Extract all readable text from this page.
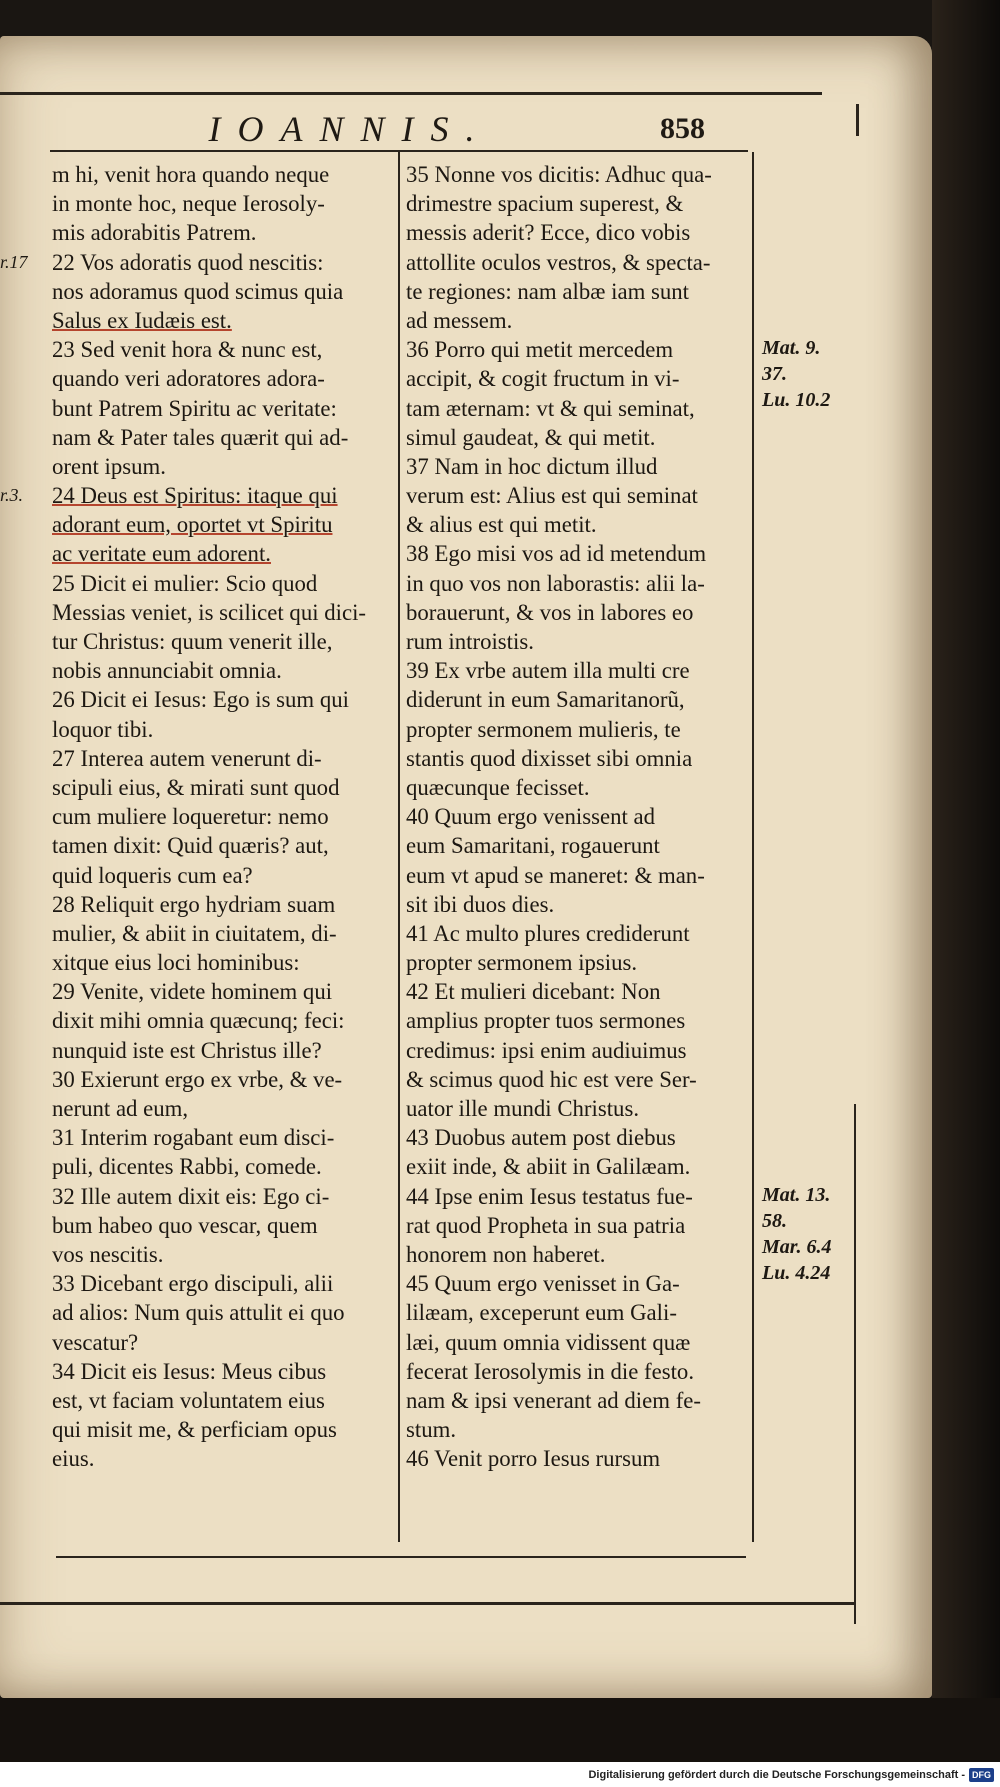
IOANNIS.	858
m hi, venit hora quando neque
in monte hoc, neque Ierosoly-
mis adorabitis Patrem.
22 Vos adoratis quod nescitis:
nos adoramus quod scimus quia
Salus ex Iudæis est.
23 Sed venit hora & nunc est,
quando veri adoratores adora-
bunt Patrem Spiritu ac veritate:
nam & Pater tales quærit qui ad-
orent ipsum.
24 Deus est Spiritus: itaque qui
adorant eum, oportet vt Spiritu
ac veritate eum adorent.
25 Dicit ei mulier: Scio quod
Messias veniet, is scilicet qui dici-
tur Christus: quum venerit ille,
nobis annunciabit omnia.
26 Dicit ei Iesus: Ego is sum qui
loquor tibi.
27 Interea autem venerunt di-
scipuli eius, & mirati sunt quod
cum muliere loqueretur: nemo
tamen dixit: Quid quæris? aut,
quid loqueris cum ea?
28 Reliquit ergo hydriam suam
mulier, & abiit in ciuitatem, di-
xitque eius loci hominibus:
29 Venite, videte hominem qui
dixit mihi omnia quæcunq; feci:
nunquid iste est Christus ille?
30 Exierunt ergo ex vrbe, & ve-
nerunt ad eum,
31 Interim rogabant eum disci-
puli, dicentes Rabbi, comede.
32 Ille autem dixit eis: Ego ci-
bum habeo quo vescar, quem
vos nescitis.
33 Dicebant ergo discipuli, alii
ad alios: Num quis attulit ei quo
vescatur?
34 Dicit eis Iesus: Meus cibus
est, vt faciam voluntatem eius
qui misit me, & perficiam opus
eius.
35 Nonne vos dicitis: Adhuc qua-
drimestre spacium superest, &
messis aderit? Ecce, dico vobis
attollite oculos vestros, & specta-
te regiones: nam albæ iam sunt
ad messem.
36 Porro qui metit mercedem
accipit, & cogit fructum in vi-
tam æternam: vt & qui seminat,
simul gaudeat, & qui metit.
37 Nam in hoc dictum illud
verum est: Alius est qui seminat
& alius est qui metit.
38 Ego misi vos ad id metendum
in quo vos non laborastis: alii la-
borauerunt, & vos in labores eo
rum introistis.
39 Ex vrbe autem illa multi cre
diderunt in eum Samaritanorũ,
propter sermonem mulieris, te
stantis quod dixisset sibi omnia
quæcunque fecisset.
40 Quum ergo venissent ad
eum Samaritani, rogauerunt
eum vt apud se maneret: & man-
sit ibi duos dies.
41 Ac multo plures crediderunt
propter sermonem ipsius.
42 Et mulieri dicebant: Non
amplius propter tuos sermones
credimus: ipsi enim audiuimus
& scimus quod hic est vere Ser-
uator ille mundi Christus.
43 Duobus autem post diebus
exiit inde, & abiit in Galilæam.
44 Ipse enim Iesus testatus fue-
rat quod Propheta in sua patria
honorem non haberet.
45 Quum ergo venisset in Ga-
lilæam, exceperunt eum Gali-
læi, quum omnia vidissent quæ
fecerat Ierosolymis in die festo.
nam & ipsi venerant ad diem fe-
stum.
46 Venit porro Iesus rursum
r.17
r.3.
Mat. 9.
37.
Lu. 10.2
Mat. 13.
58.
Mar. 6.4
Lu. 4.24
Digitalisierung gefördert durch die Deutsche Forschungsgemeinschaft - DFG
